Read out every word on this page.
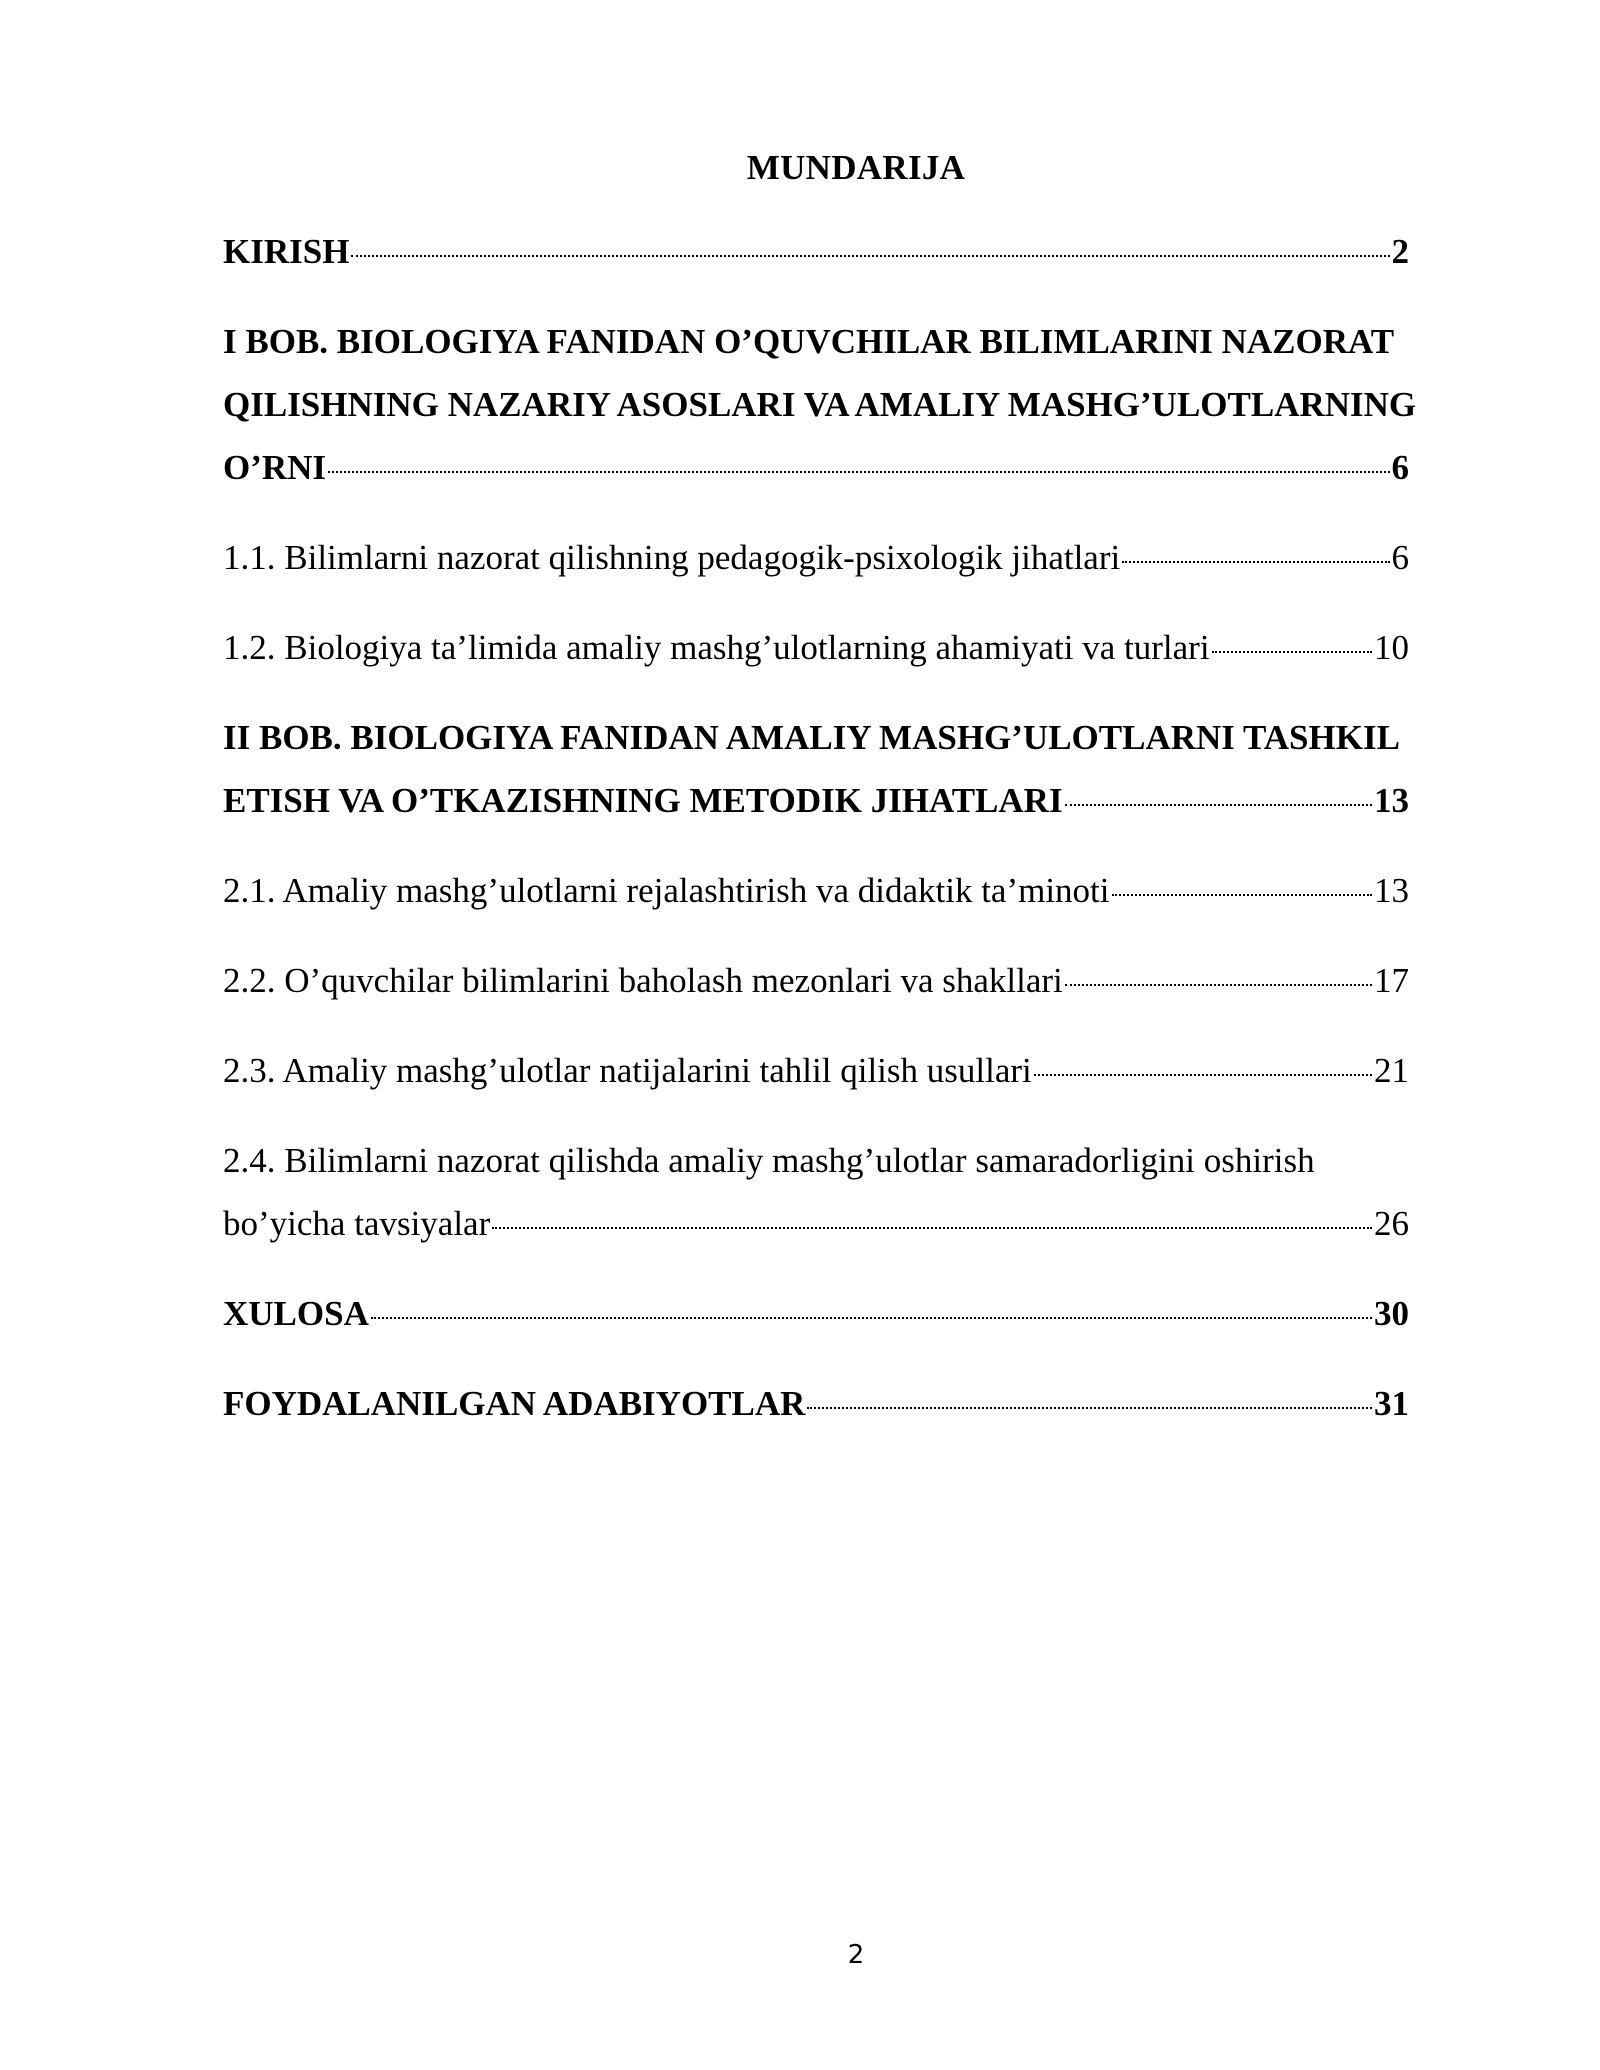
MUNDARIJA
KIRISH	2
I BOB. BIOLOGIYA FANIDAN O’QUVCHILAR BILIMLARINI NAZORAT
QILISHNING NAZARIY ASOSLARI VA AMALIY MASHG’ULOTLARNING
O’RNI	6
1.1. Bilimlarni nazorat qilishning pedagogik-psixologik jihatlari	6
1.2. Biologiya ta’limida amaliy mashg’ulotlarning ahamiyati va turlari	10
II BOB. BIOLOGIYA FANIDAN AMALIY MASHG’ULOTLARNI TASHKIL
ETISH VA O’TKAZISHNING METODIK JIHATLARI	13
2.1. Amaliy mashg’ulotlarni rejalashtirish va didaktik ta’minoti	13
2.2. O’quvchilar bilimlarini baholash mezonlari va shakllari	17
2.3. Amaliy mashg’ulotlar natijalarini tahlil qilish usullari	21
2.4. Bilimlarni nazorat qilishda amaliy mashg’ulotlar samaradorligini oshirish
bo’yicha tavsiyalar	26
XULOSA	30
FOYDALANILGAN ADABIYOTLAR	31
2
